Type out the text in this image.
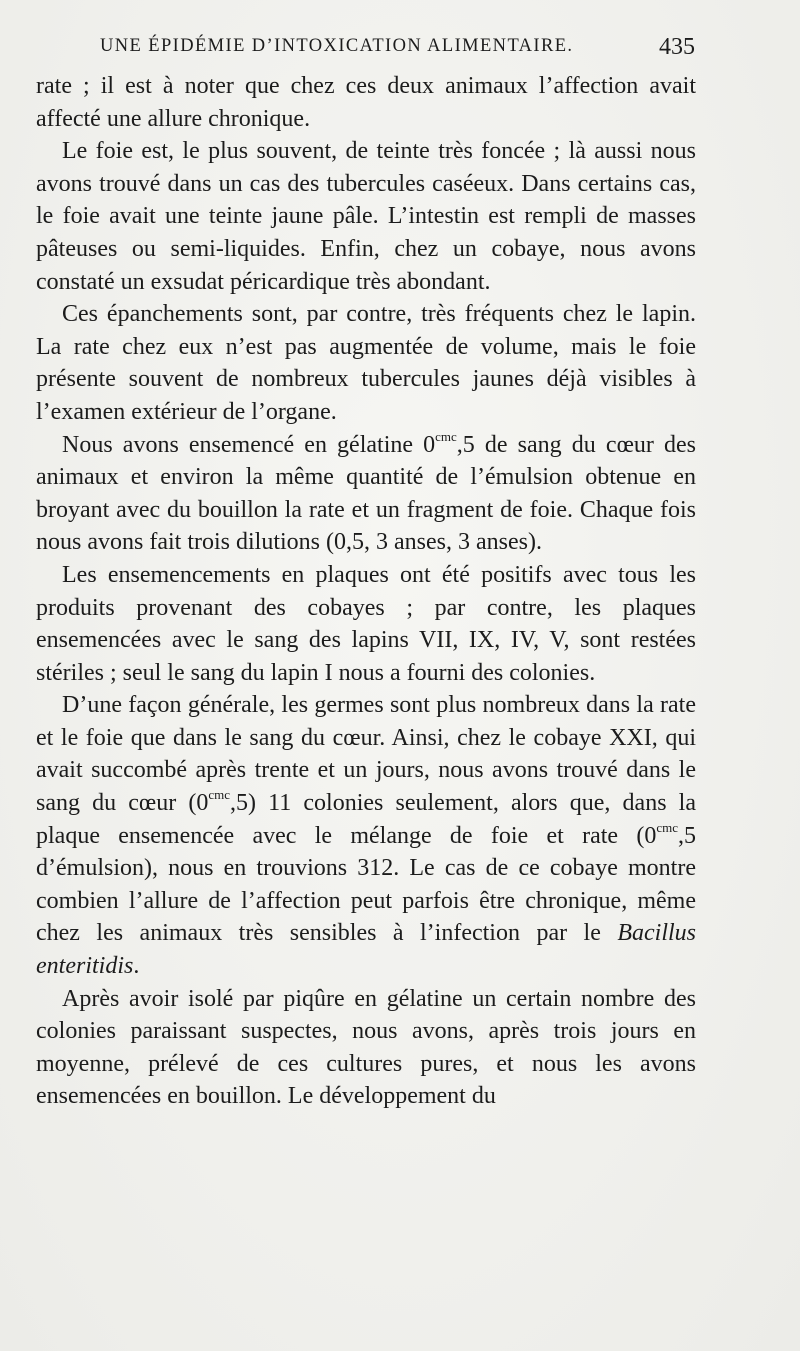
UNE ÉPIDÉMIE D’INTOXICATION ALIMENTAIRE.	435

rate ; il est à noter que chez ces deux animaux l’affection avait affecté une allure chronique.

Le foie est, le plus souvent, de teinte très foncée ; là aussi nous avons trouvé dans un cas des tubercules caséeux. Dans certains cas, le foie avait une teinte jaune pâle. L’intestin est rempli de masses pâteuses ou semi-liquides. Enfin, chez un cobaye, nous avons constaté un exsudat péricardique très abondant.

Ces épanchements sont, par contre, très fréquents chez le lapin. La rate chez eux n’est pas augmentée de volume, mais le foie présente souvent de nombreux tubercules jaunes déjà visibles à l’examen extérieur de l’organe.

Nous avons ensemencé en gélatine $0^{cmc},5$ de sang du cœur des animaux et environ la même quantité de l’émulsion obtenue en broyant avec du bouillon la rate et un fragment de foie. Chaque fois nous avons fait trois dilutions (0,5, 3 anses, 3 anses).

Les ensemencements en plaques ont été positifs avec tous les produits provenant des cobayes ; par contre, les plaques ensemencées avec le sang des lapins VII, IX, IV, V, sont restées stériles ; seul le sang du lapin I nous a fourni des colonies.

D’une façon générale, les germes sont plus nombreux dans la rate et le foie que dans le sang du cœur. Ainsi, chez le cobaye XXI, qui avait succombé après trente et un jours, nous avons trouvé dans le sang du cœur $(0^{cmc},5)$ 11 colonies seulement, alors que, dans la plaque ensemencée avec le mélange de foie et rate ($0^{cmc},5$ d’émulsion), nous en trouvions 312. Le cas de ce cobaye montre combien l’allure de l’affection peut parfois être chronique, même chez les animaux très sensibles à l’infection par le Bacillus enteritidis.

Après avoir isolé par piqûre en gélatine un certain nombre des colonies paraissant suspectes, nous avons, après trois jours en moyenne, prélevé de ces cultures pures, et nous les avons ensemencées en bouillon. Le développement du
